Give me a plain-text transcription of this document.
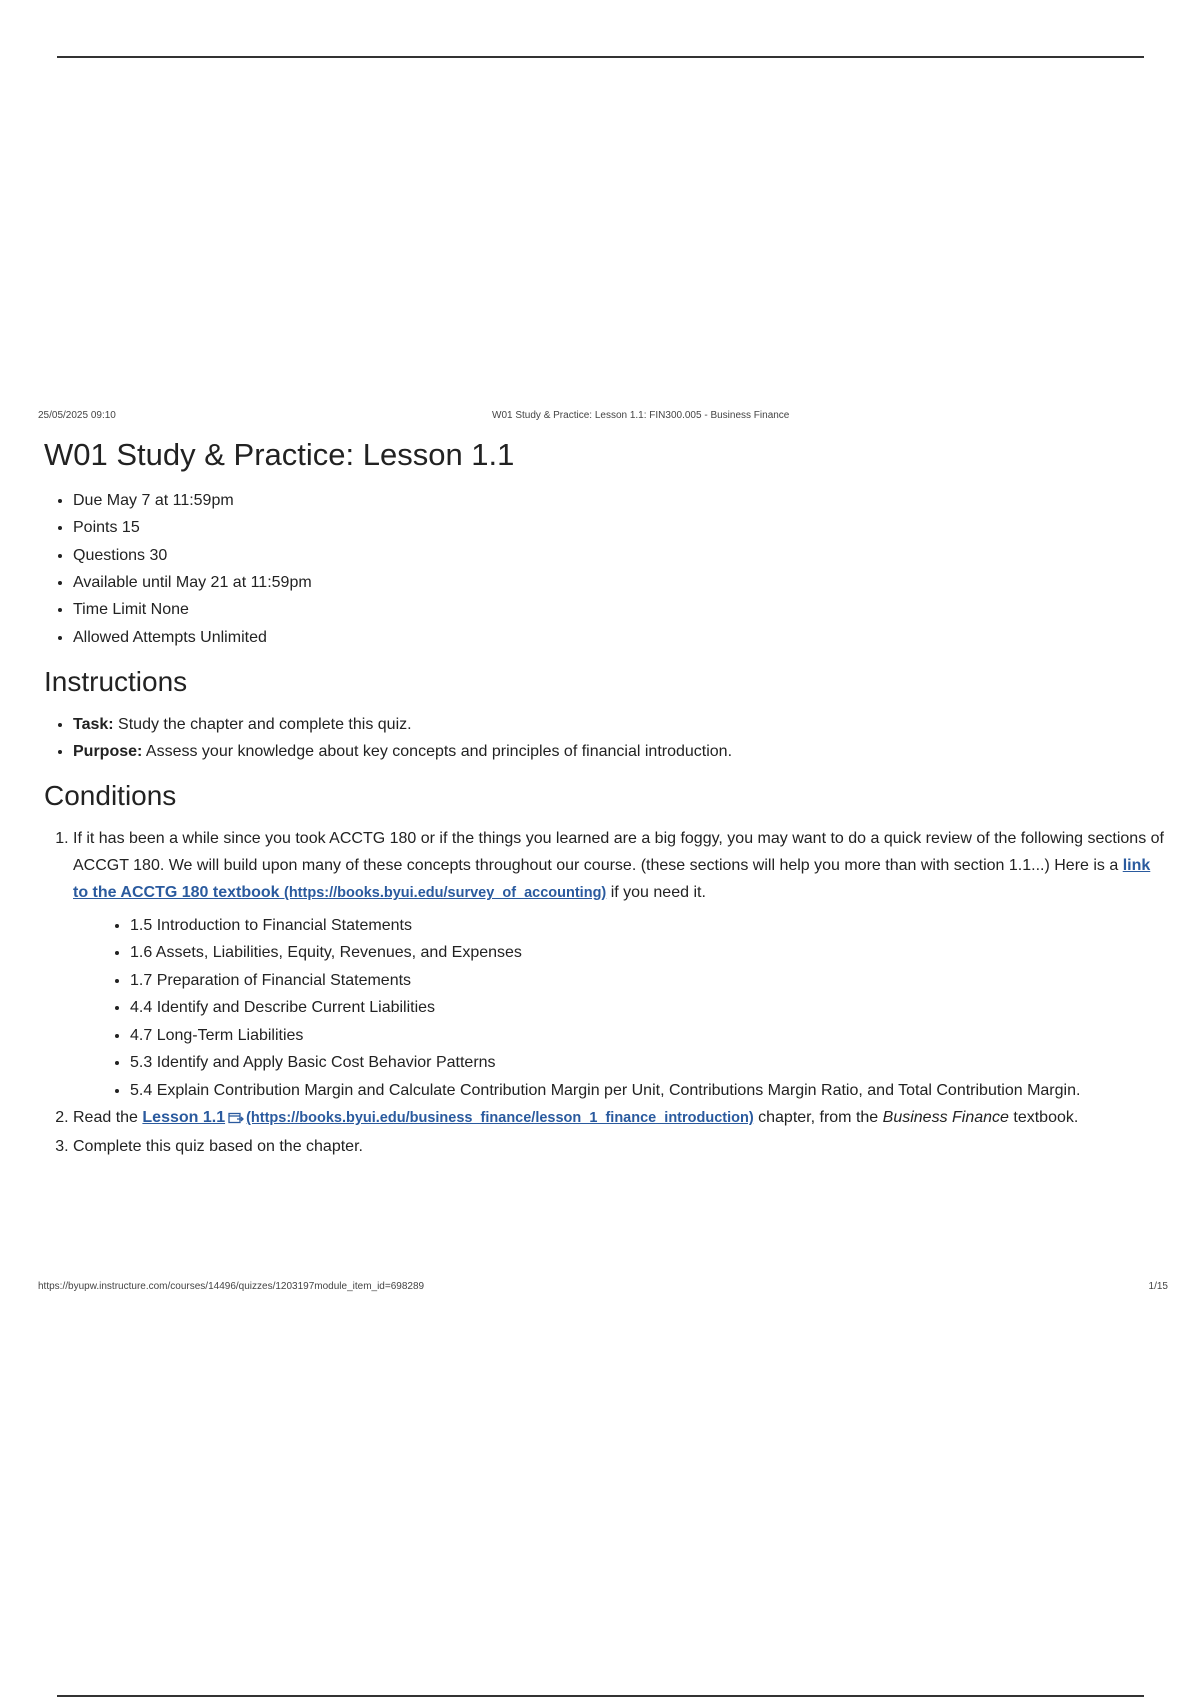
25/05/2025 09:10	W01 Study & Practice: Lesson 1.1: FIN300.005 - Business Finance
W01 Study & Practice: Lesson 1.1
• Due May 7 at 11:59pm
• Points 15
• Questions 30
• Available until May 21 at 11:59pm
• Time Limit None
• Allowed Attempts Unlimited
Instructions
• Task: Study the chapter and complete this quiz.
• Purpose: Assess your knowledge about key concepts and principles of financial introduction.
Conditions
1. If it has been a while since you took ACCTG 180 or if the things you learned are a big foggy, you may want to do a quick review of the following sections of ACCGT 180. We will build upon many of these concepts throughout our course. (these sections will help you more than with section 1.1...) Here is a link to the ACCTG 180 textbook (https://books.byui.edu/survey_of_accounting) if you need it.
• 1.5 Introduction to Financial Statements
• 1.6 Assets, Liabilities, Equity, Revenues, and Expenses
• 1.7 Preparation of Financial Statements
• 4.4 Identify and Describe Current Liabilities
• 4.7 Long-Term Liabilities
• 5.3 Identify and Apply Basic Cost Behavior Patterns
• 5.4 Explain Contribution Margin and Calculate Contribution Margin per Unit, Contributions Margin Ratio, and Total Contribution Margin.
2. Read the Lesson 1.1 (https://books.byui.edu/business_finance/lesson_1_finance_introduction) chapter, from the Business Finance textbook.
3. Complete this quiz based on the chapter.
https://byupw.instructure.com/courses/14496/quizzes/1203197module_item_id=698289	1/15
